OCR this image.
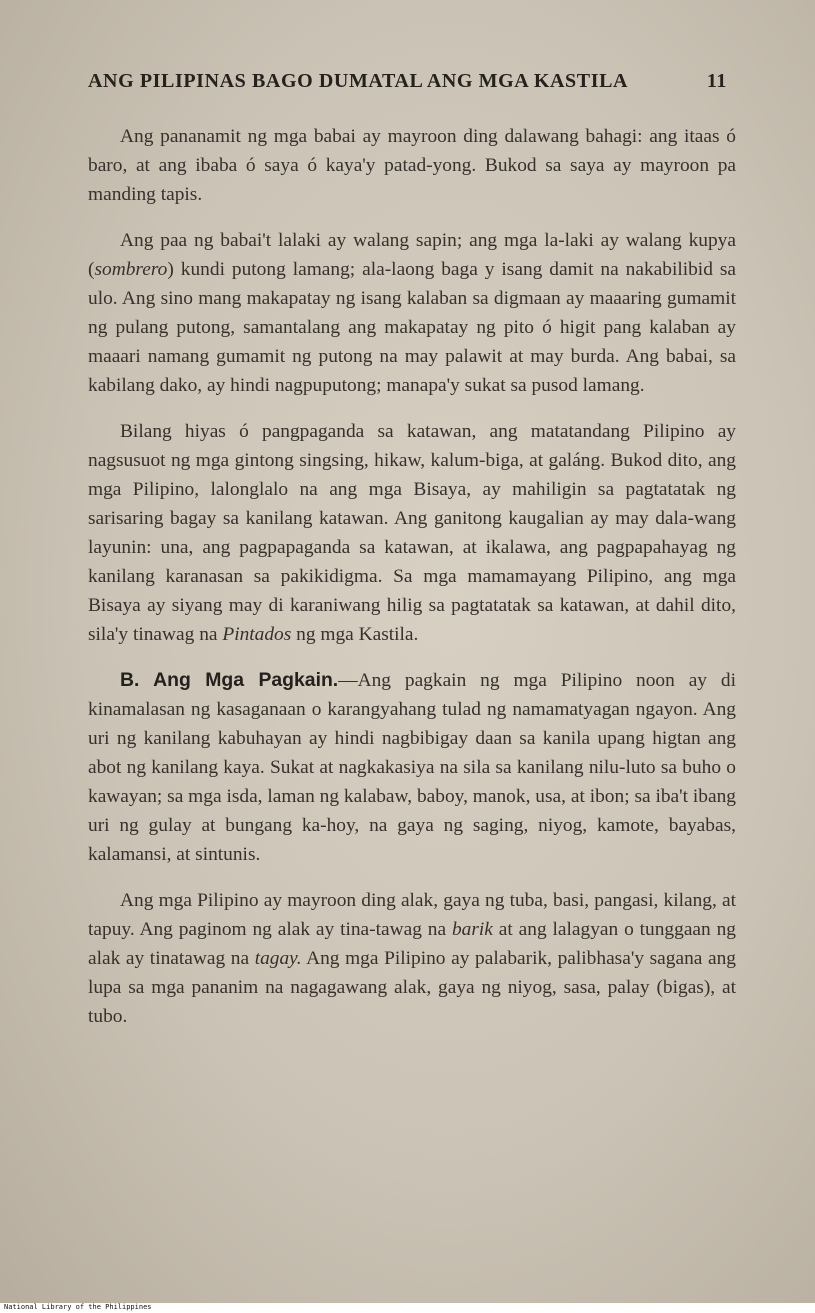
ANG PILIPINAS BAGO DUMATAL ANG MGA KASTILA	11

Ang pananamit ng mga babai ay mayroon ding dalawang bahagi: ang itaas ó baro, at ang ibaba ó saya ó kaya'y patad-yong. Bukod sa saya ay mayroon pa manding tapis.

Ang paa ng babai't lalaki ay walang sapin; ang mga la-laki ay walang kupya (sombrero) kundi putong lamang; ala-laong baga y isang damit na nakabilibid sa ulo. Ang sino mang makapatay ng isang kalaban sa digmaan ay maaaring gumamit ng pulang putong, samantalang ang makapatay ng pito ó higit pang kalaban ay maaari namang gumamit ng putong na may palawit at may burda. Ang babai, sa kabilang dako, ay hindi nagpuputong; manapa'y sukat sa pusod lamang.

Bilang hiyas ó pangpaganda sa katawan, ang matatandang Pilipino ay nagsusuot ng mga gintong singsing, hikaw, kalum-biga, at galáng. Bukod dito, ang mga Pilipino, lalonglalo na ang mga Bisaya, ay mahiligin sa pagtatatak ng sarisaring bagay sa kanilang katawan. Ang ganitong kaugalian ay may dala-wang layunin: una, ang pagpapaganda sa katawan, at ikalawa, ang pagpapahayag ng kanilang karanasan sa pakikidigma. Sa mga mamamayang Pilipino, ang mga Bisaya ay siyang may di karaniwang hilig sa pagtatatak sa katawan, at dahil dito, sila'y tinawag na Pintados ng mga Kastila.

B. Ang Mga Pagkain.—Ang pagkain ng mga Pilipino noon ay di kinamalasan ng kasaganaan o karangyahang tulad ng namamatyagan ngayon. Ang uri ng kanilang kabuhayan ay hindi nagbibigay daan sa kanila upang higtan ang abot ng kanilang kaya. Sukat at nagkakasiya na sila sa kanilang nilu-luto sa buho o kawayan; sa mga isda, laman ng kalabaw, baboy, manok, usa, at ibon; sa iba't ibang uri ng gulay at bungang ka-hoy, na gaya ng saging, niyog, kamote, bayabas, kalamansi, at sintunis.

Ang mga Pilipino ay mayroon ding alak, gaya ng tuba, basi, pangasi, kilang, at tapuy. Ang paginom ng alak ay tina-tawag na barik at ang lalagyan o tunggaan ng alak ay tinatawag na tagay. Ang mga Pilipino ay palabarik, palibhasa'y sagana ang lupa sa mga pananim na nagagawang alak, gaya ng niyog, sasa, palay (bigas), at tubo.

National Library of the Philippines
